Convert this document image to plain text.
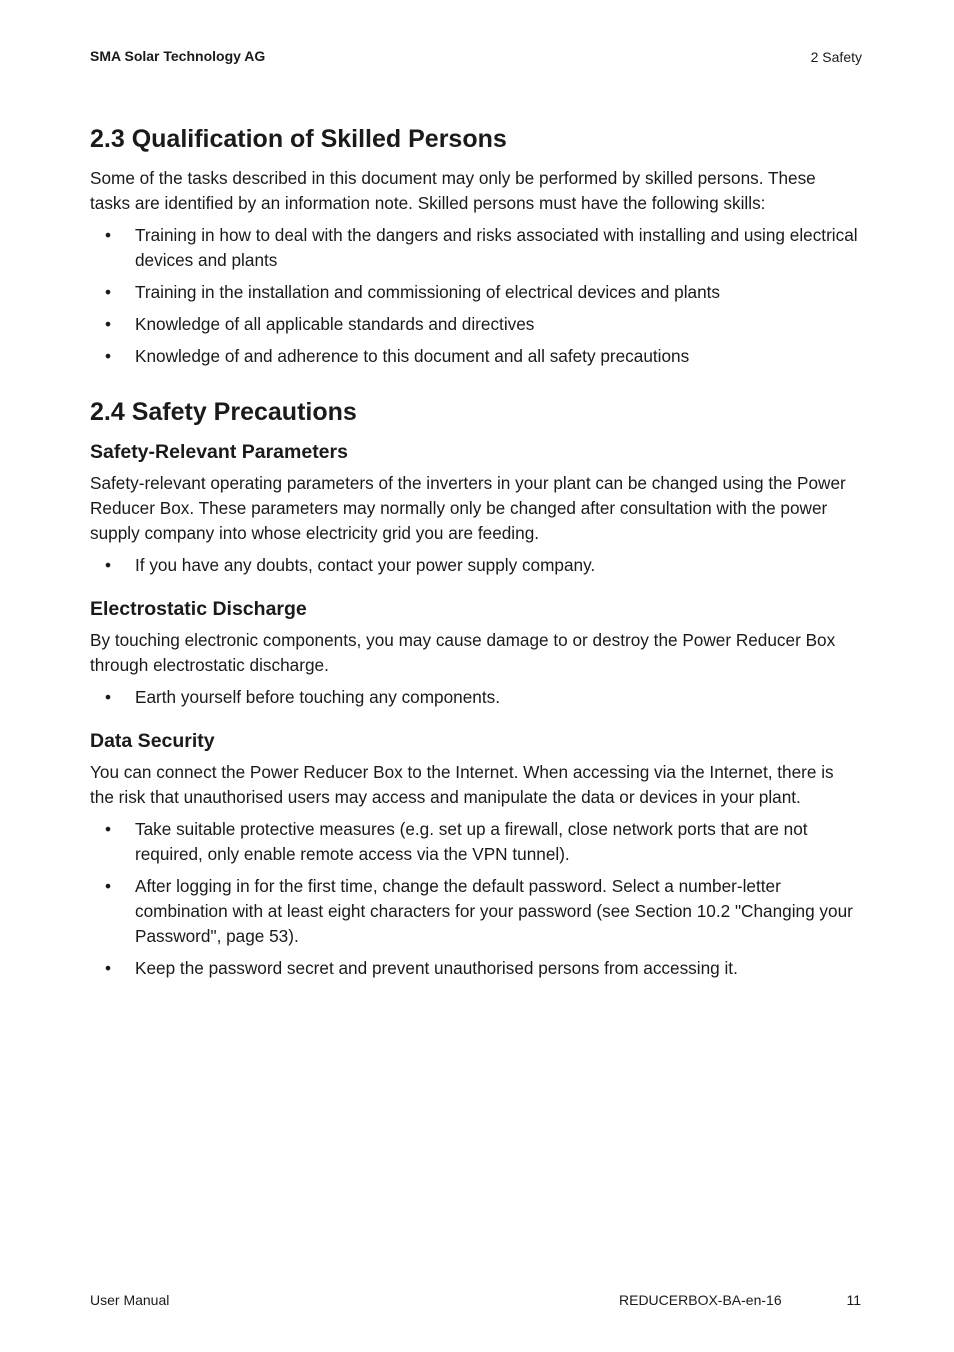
SMA Solar Technology AG	2 Safety
2.3 Qualification of Skilled Persons

Some of the tasks described in this document may only be performed by skilled persons. These tasks are identified by an information note. Skilled persons must have the following skills:

• Training in how to deal with the dangers and risks associated with installing and using electrical devices and plants
• Training in the installation and commissioning of electrical devices and plants
• Knowledge of all applicable standards and directives
• Knowledge of and adherence to this document and all safety precautions
2.4 Safety Precautions
Safety-Relevant Parameters

Safety-relevant operating parameters of the inverters in your plant can be changed using the Power Reducer Box. These parameters may normally only be changed after consultation with the power supply company into whose electricity grid you are feeding.

• If you have any doubts, contact your power supply company.
Electrostatic Discharge

By touching electronic components, you may cause damage to or destroy the Power Reducer Box through electrostatic discharge.

• Earth yourself before touching any components.
Data Security

You can connect the Power Reducer Box to the Internet. When accessing via the Internet, there is the risk that unauthorised users may access and manipulate the data or devices in your plant.

• Take suitable protective measures (e.g. set up a firewall, close network ports that are not required, only enable remote access via the VPN tunnel).
• After logging in for the first time, change the default password. Select a number-letter combination with at least eight characters for your password (see Section 10.2 "Changing your Password", page 53).
• Keep the password secret and prevent unauthorised persons from accessing it.
User Manual	REDUCERBOX-BA-en-16	11
